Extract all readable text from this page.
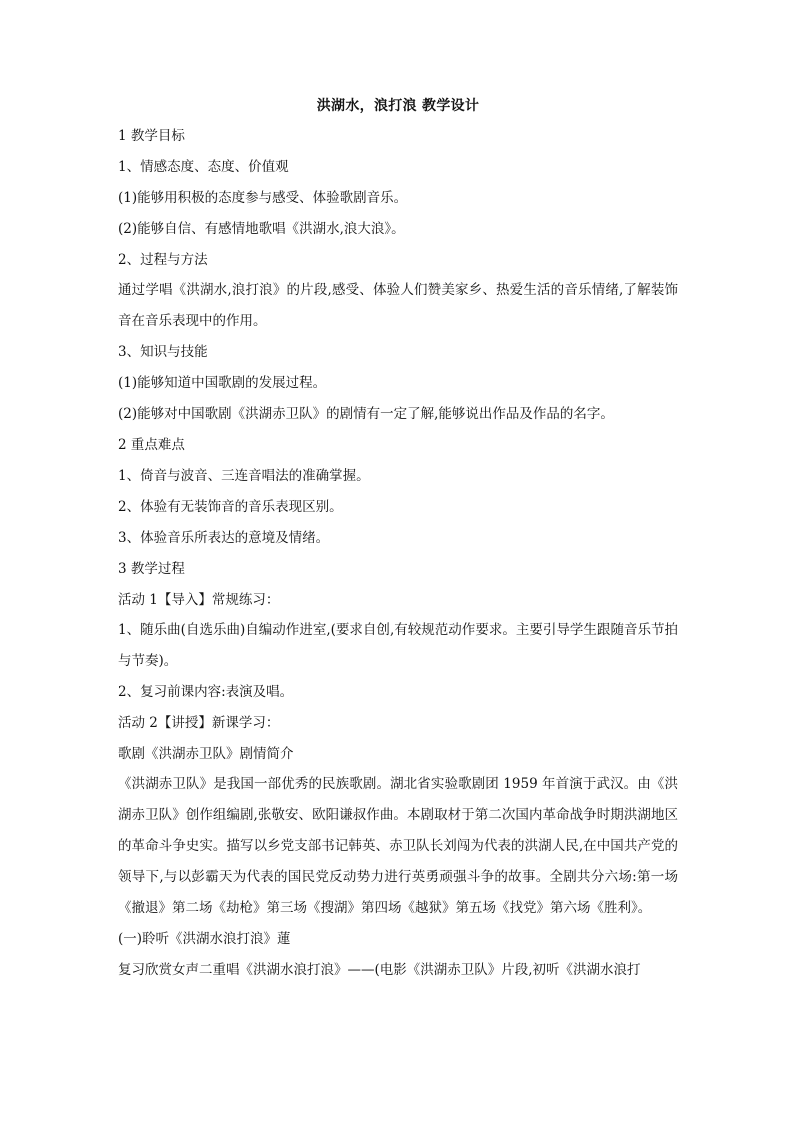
洪湖水，浪打浪 教学设计
1 教学目标
1、情感态度、态度、价值观
(1)能够用积极的态度参与感受、体验歌剧音乐。
(2)能够自信、有感情地歌唱《洪湖水,浪大浪》。
2、过程与方法
通过学唱《洪湖水,浪打浪》的片段,感受、体验人们赞美家乡、热爱生活的音乐情绪,了解装饰音在音乐表现中的作用。
3、知识与技能
(1)能够知道中国歌剧的发展过程。
(2)能够对中国歌剧《洪湖赤卫队》的剧情有一定了解,能够说出作品及作品的名字。
2 重点难点
1、倚音与波音、三连音唱法的准确掌握。
2、体验有无装饰音的音乐表现区别。
3、体验音乐所表达的意境及情绪。
3 教学过程
活动 1【导入】常规练习：
1、随乐曲(自选乐曲)自编动作进室,(要求自创,有较规范动作要求。主要引导学生跟随音乐节拍与节奏)。
2、复习前课内容:表演及唱。
活动 2【讲授】新课学习：
歌剧《洪湖赤卫队》剧情简介
《洪湖赤卫队》是我国一部优秀的民族歌剧。湖北省实验歌剧团 1959 年首演于武汉。由《洪湖赤卫队》创作组编剧,张敬安、欧阳谦叔作曲。本剧取材于第二次国内革命战争时期洪湖地区的革命斗争史实。描写以乡党支部书记韩英、赤卫队长刘闯为代表的洪湖人民,在中国共产党的领导下,与以彭霸天为代表的国民党反动势力进行英勇顽强斗争的故事。全剧共分六场:第一场《撤退》第二场《劫枪》第三场《搜湖》第四场《越狱》第五场《找党》第六场《胜利》。
(一)聆听《洪湖水浪打浪》蓮
复习欣赏女声二重唱《洪湖水浪打浪》——(电影《洪湖赤卫队》片段,初听《洪湖水浪打
